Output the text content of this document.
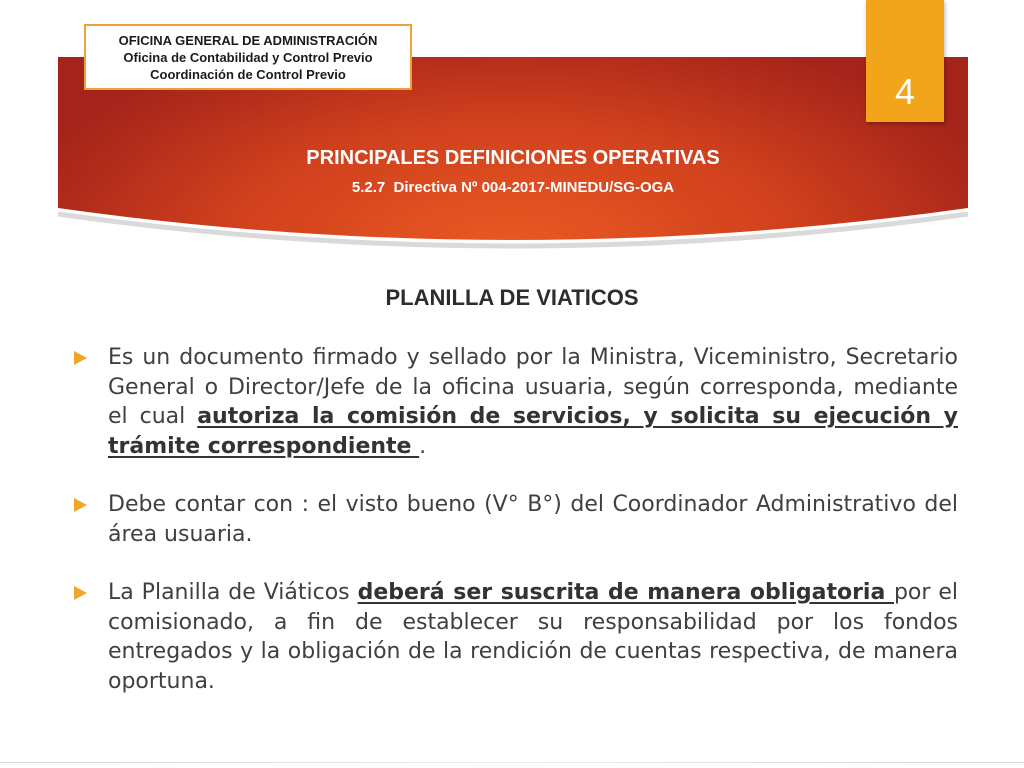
OFICINA GENERAL DE ADMINISTRACIÓN
Oficina de Contabilidad y Control Previo
Coordinación de Control Previo	4
PRINCIPALES DEFINICIONES OPERATIVAS
5.2.7  Directiva Nº 004-2017-MINEDU/SG-OGA
PLANILLA DE VIATICOS
Es un documento firmado y sellado por la Ministra, Viceministro, Secretario General o Director/Jefe de la oficina usuaria, según corresponda, mediante el cual autoriza la comisión de servicios, y solicita su ejecución y trámite correspondiente .
Debe contar con : el visto bueno (V° B°) del Coordinador Administrativo del área usuaria.
La Planilla de Viáticos deberá ser suscrita de manera obligatoria por el comisionado, a fin de establecer su responsabilidad por los fondos entregados y la obligación de la rendición de cuentas respectiva, de manera oportuna.
